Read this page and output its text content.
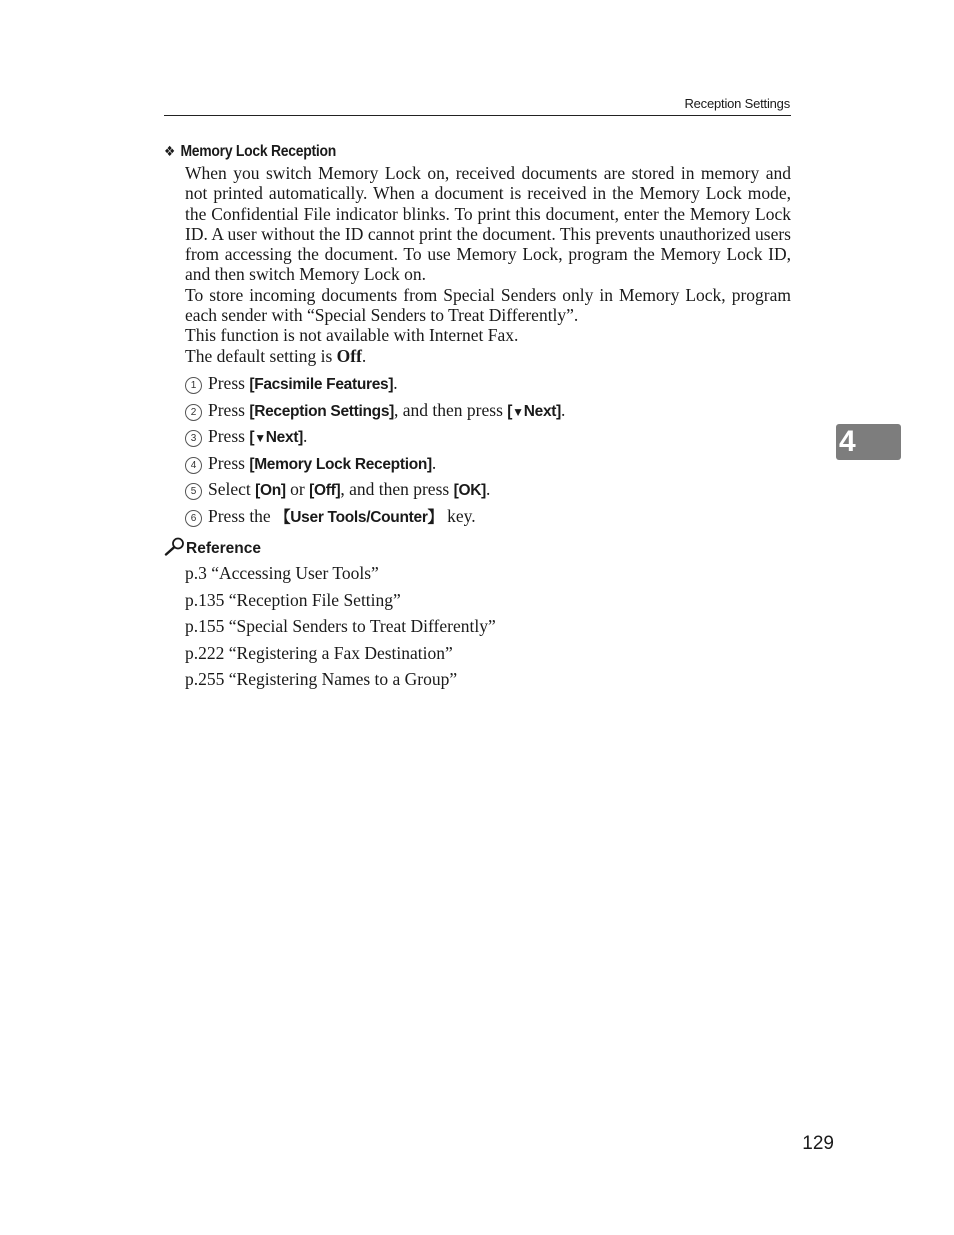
Reception Settings
❖ Memory Lock Reception

When you switch Memory Lock on, received documents are stored in memory and not printed automatically. When a document is received in the Memory Lock mode, the Confidential File indicator blinks. To print this document, enter the Memory Lock ID. A user without the ID cannot print the document. This prevents unauthorized users from accessing the document. To use Memory Lock, program the Memory Lock ID, and then switch Memory Lock on.

To store incoming documents from Special Senders only in Memory Lock, program each sender with “Special Senders to Treat Differently”.

This function is not available with Internet Fax.

The default setting is Off.

1 Press [Facsimile Features].
2 Press [Reception Settings], and then press [▼Next].
3 Press [▼Next].
4 Press [Memory Lock Reception].
5 Select [On] or [Off], and then press [OK].
6 Press the 【User Tools/Counter】 key.
Reference
p.3 “Accessing User Tools”
p.135 “Reception File Setting”
p.155 “Special Senders to Treat Differently”
p.222 “Registering a Fax Destination”
p.255 “Registering Names to a Group”
4
129
